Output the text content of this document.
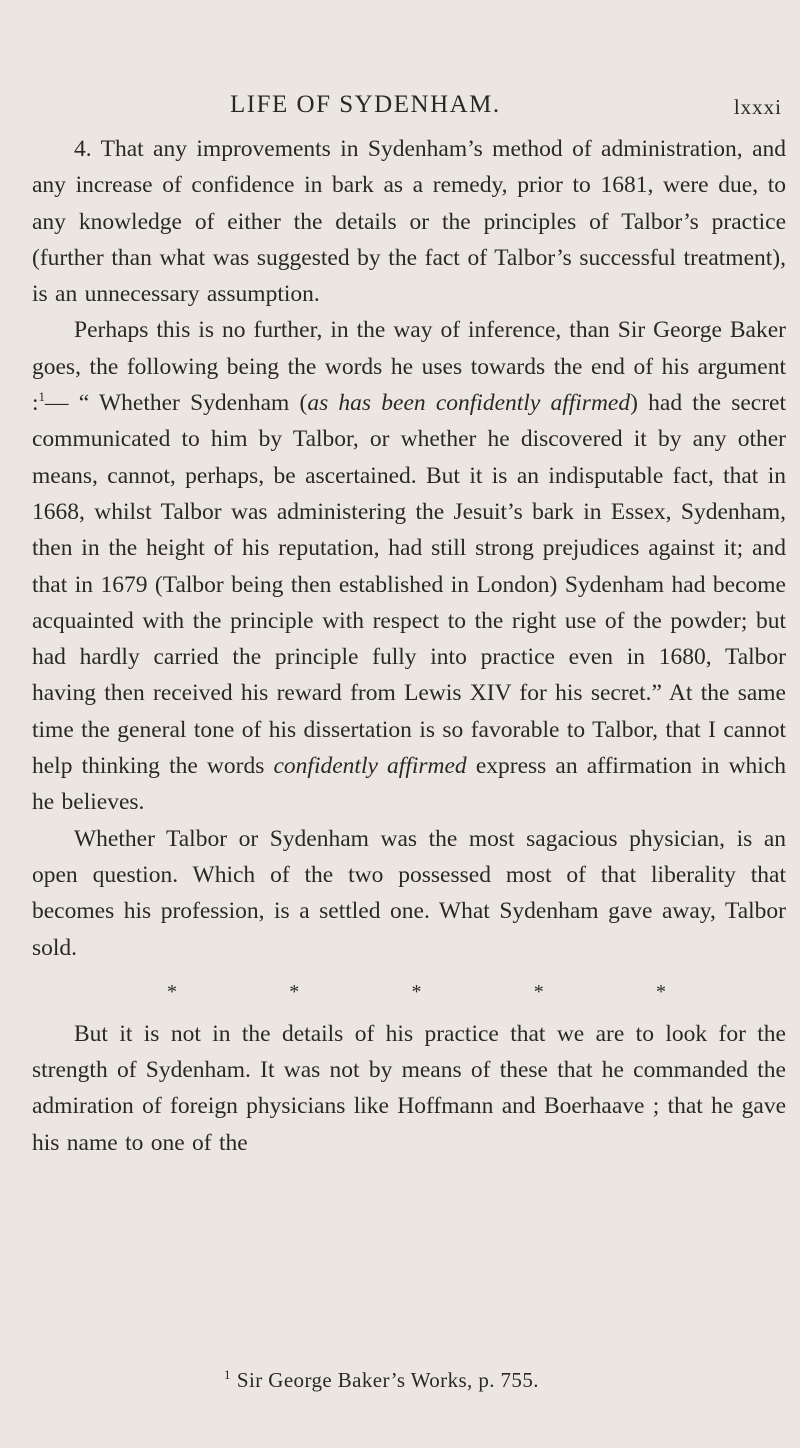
LIFE OF SYDENHAM.	lxxxi

4. That any improvements in Sydenham’s method of administration, and any increase of confidence in bark as a remedy, prior to 1681, were due, to any knowledge of either the details or the principles of Talbor’s practice (further than what was suggested by the fact of Talbor’s successful treatment), is an unnecessary assumption.

Perhaps this is no further, in the way of inference, than Sir George Baker goes, the following being the words he uses towards the end of his argument :$^1$— “ Whether Sydenham (as has been confidently affirmed) had the secret communicated to him by Talbor, or whether he discovered it by any other means, cannot, perhaps, be ascertained. But it is an indisputable fact, that in 1668, whilst Talbor was administering the Jesuit’s bark in Essex, Sydenham, then in the height of his reputation, had still strong prejudices against it; and that in 1679 (Talbor being then established in London) Sydenham had become acquainted with the principle with respect to the right use of the powder; but had hardly carried the principle fully into practice even in 1680, Talbor having then received his reward from Lewis XIV for his secret.” At the same time the general tone of his dissertation is so favorable to Talbor, that I cannot help thinking the words confidently affirmed express an affirmation in which he believes.

Whether Talbor or Sydenham was the most sagacious physician, is an open question. Which of the two possessed most of that liberality that becomes his profession, is a settled one. What Sydenham gave away, Talbor sold.

*	*	*	*	*

But it is not in the details of his practice that we are to look for the strength of Sydenham. It was not by means of these that he commanded the admiration of foreign physicians like Hoffmann and Boerhaave ; that he gave his name to one of the

$^1$ Sir George Baker’s Works, p. 755.
